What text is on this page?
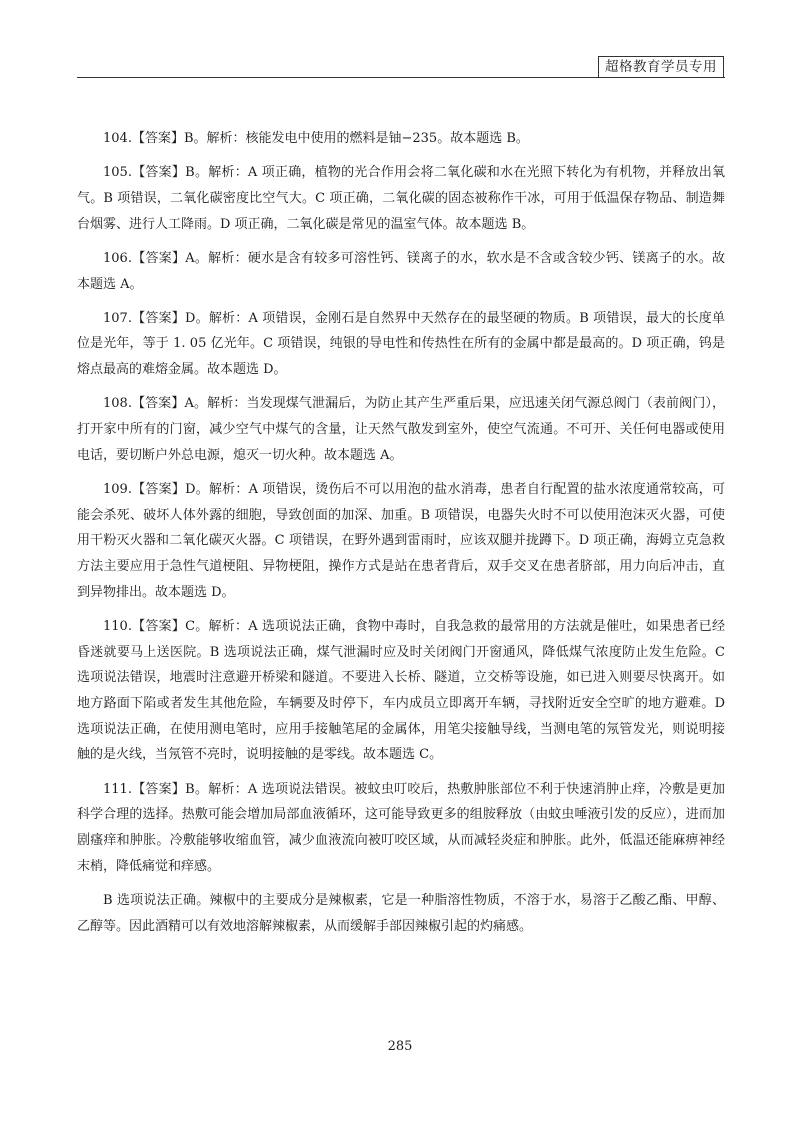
超格教育学员专用

104.【答案】B。解析：核能发电中使用的燃料是铀−235。故本题选 B。

105.【答案】B。解析：A 项正确，植物的光合作用会将二氧化碳和水在光照下转化为有机物，并释放出氧气。B 项错误，二氧化碳密度比空气大。C 项正确，二氧化碳的固态被称作干冰，可用于低温保存物品、制造舞台烟雾、进行人工降雨。D 项正确，二氧化碳是常见的温室气体。故本题选 B。

106.【答案】A。解析：硬水是含有较多可溶性钙、镁离子的水，软水是不含或含较少钙、镁离子的水。故本题选 A。

107.【答案】D。解析：A 项错误，金刚石是自然界中天然存在的最坚硬的物质。B 项错误，最大的长度单位是光年，等于 1. 05 亿光年。C 项错误，纯银的导电性和传热性在所有的金属中都是最高的。D 项正确，钨是熔点最高的难熔金属。故本题选 D。

108.【答案】A。解析：当发现煤气泄漏后，为防止其产生严重后果，应迅速关闭气源总阀门（表前阀门），打开家中所有的门窗，减少空气中煤气的含量，让天然气散发到室外，使空气流通。不可开、关任何电器或使用电话，要切断户外总电源，熄灭一切火种。故本题选 A。

109.【答案】D。解析：A 项错误，烫伤后不可以用泡的盐水消毒，患者自行配置的盐水浓度通常较高，可能会杀死、破坏人体外露的细胞，导致创面的加深、加重。B 项错误，电器失火时不可以使用泡沫灭火器，可使用干粉灭火器和二氧化碳灭火器。C 项错误，在野外遇到雷雨时，应该双腿并拢蹲下。D 项正确，海姆立克急救方法主要应用于急性气道梗阻、异物梗阻，操作方式是站在患者背后，双手交叉在患者脐部，用力向后冲击，直到异物排出。故本题选 D。

110.【答案】C。解析：A 选项说法正确，食物中毒时，自我急救的最常用的方法就是催吐，如果患者已经昏迷就要马上送医院。B 选项说法正确，煤气泄漏时应及时关闭阀门开窗通风，降低煤气浓度防止发生危险。C 选项说法错误，地震时注意避开桥梁和隧道。不要进入长桥、隧道，立交桥等设施，如已进入则要尽快离开。如地方路面下陷或者发生其他危险，车辆要及时停下，车内成员立即离开车辆，寻找附近安全空旷的地方避难。D 选项说法正确，在使用测电笔时，应用手接触笔尾的金属体，用笔尖接触导线，当测电笔的氖管发光，则说明接触的是火线，当氖管不亮时，说明接触的是零线。故本题选 C。

111.【答案】B。解析：A 选项说法错误。被蚊虫叮咬后，热敷肿胀部位不利于快速消肿止痒，冷敷是更加科学合理的选择。热敷可能会增加局部血液循环，这可能导致更多的组胺释放（由蚊虫唾液引发的反应），进而加剧瘙痒和肿胀。冷敷能够收缩血管，减少血液流向被叮咬区域，从而减轻炎症和肿胀。此外，低温还能麻痹神经末梢，降低痛觉和痒感。

B 选项说法正确。辣椒中的主要成分是辣椒素，它是一种脂溶性物质，不溶于水，易溶于乙酸乙酯、甲醇、乙醇等。因此酒精可以有效地溶解辣椒素，从而缓解手部因辣椒引起的灼痛感。

285
